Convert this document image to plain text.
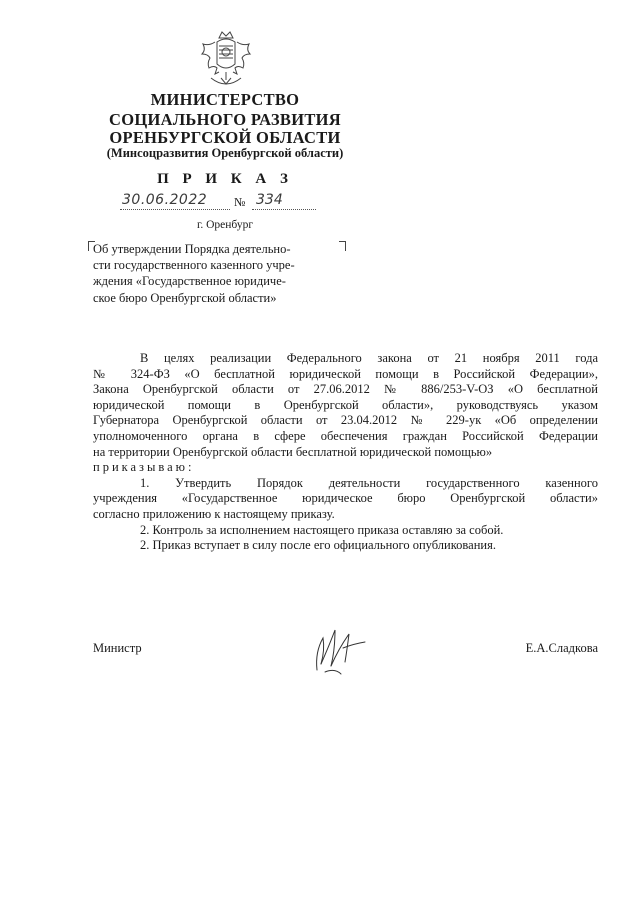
МИНИСТЕРСТВО
СОЦИАЛЬНОГО РАЗВИТИЯ
ОРЕНБУРГСКОЙ ОБЛАСТИ
(Минсоцразвития Оренбургской области)
П Р И К А З
30.06.2022 № 334
г. Оренбург
Об утверждении Порядка деятельно-
сти государственного казенного учре-
ждения «Государственное юридиче-
ское бюро Оренбургской области»
В целях реализации Федерального закона от 21 ноября 2011 года
№ 324-ФЗ «О бесплатной юридической помощи в Российской Федерации»,
Закона Оренбургской области от 27.06.2012 № 886/253-V-ОЗ «О бесплатной
юридической помощи в Оренбургской области», руководствуясь указом
Губернатора Оренбургской области от 23.04.2012 № 229-ук «Об определении
уполномоченного органа в сфере обеспечения граждан Российской Федерации
на территории Оренбургской области бесплатной юридической помощью»
приказываю:
1. Утвердить Порядок деятельности государственного казенного
учреждения «Государственное юридическое бюро Оренбургской области»
согласно приложению к настоящему приказу.
2. Контроль за исполнением настоящего приказа оставляю за собой.
2. Приказ вступает в силу после его официального опубликования.
Министр	Е.А.Сладкова
